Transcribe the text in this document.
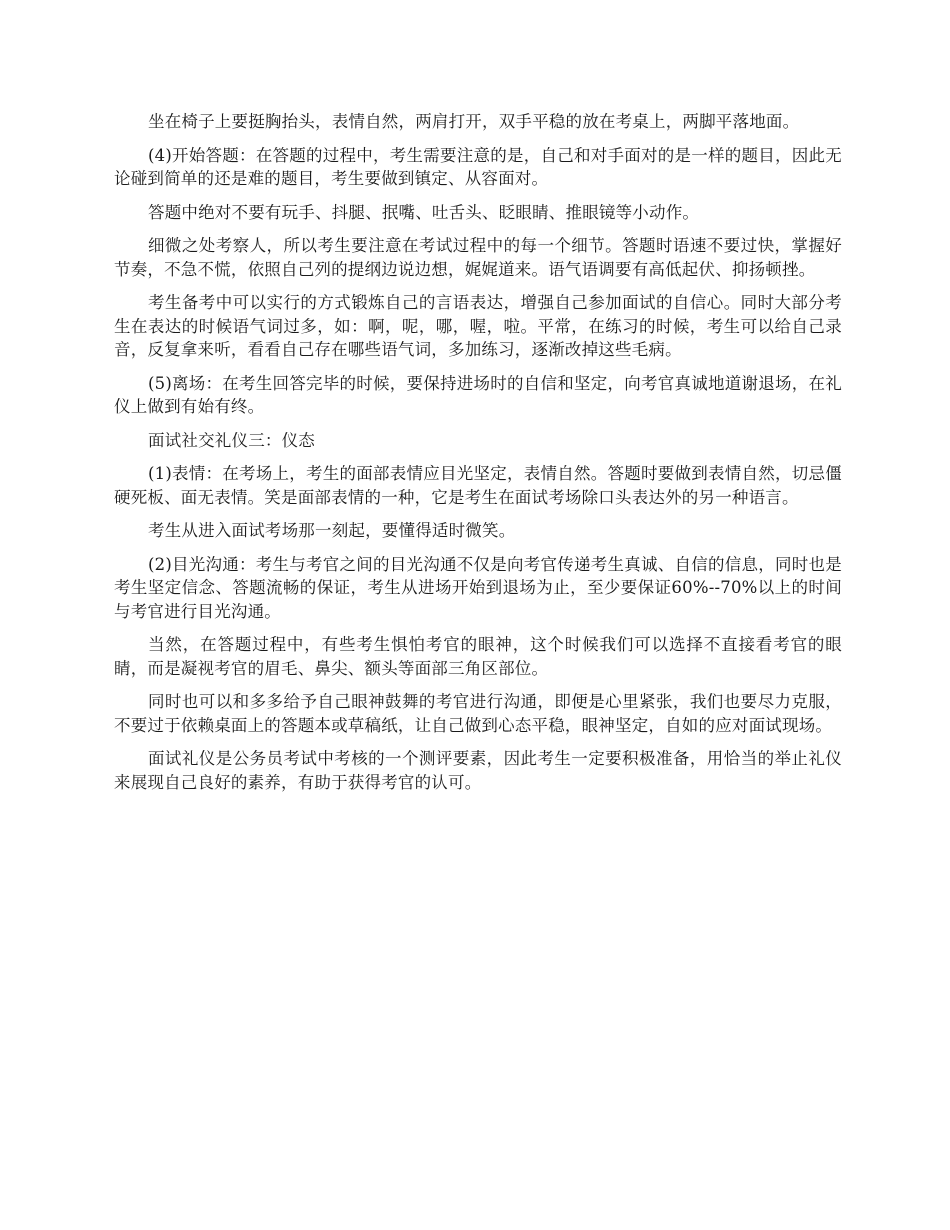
坐在椅子上要挺胸抬头，表情自然，两肩打开，双手平稳的放在考桌上，两脚平落地面。

(4)开始答题：在答题的过程中，考生需要注意的是，自己和对手面对的是一样的题目，因此无论碰到简单的还是难的题目，考生要做到镇定、从容面对。

答题中绝对不要有玩手、抖腿、抿嘴、吐舌头、眨眼睛、推眼镜等小动作。

细微之处考察人，所以考生要注意在考试过程中的每一个细节。答题时语速不要过快，掌握好节奏，不急不慌，依照自己列的提纲边说边想，娓娓道来。语气语调要有高低起伏、抑扬顿挫。

考生备考中可以实行的方式锻炼自己的言语表达，增强自己参加面试的自信心。同时大部分考生在表达的时候语气词过多，如：啊，呢，哪，喔，啦。平常，在练习的时候，考生可以给自己录音，反复拿来听，看看自己存在哪些语气词，多加练习，逐渐改掉这些毛病。

(5)离场：在考生回答完毕的时候，要保持进场时的自信和坚定，向考官真诚地道谢退场，在礼仪上做到有始有终。

面试社交礼仪三：仪态

(1)表情：在考场上，考生的面部表情应目光坚定，表情自然。答题时要做到表情自然，切忌僵硬死板、面无表情。笑是面部表情的一种，它是考生在面试考场除口头表达外的另一种语言。

考生从进入面试考场那一刻起，要懂得适时微笑。

(2)目光沟通：考生与考官之间的目光沟通不仅是向考官传递考生真诚、自信的信息，同时也是考生坚定信念、答题流畅的保证，考生从进场开始到退场为止，至少要保证60%--70%以上的时间与考官进行目光沟通。

当然，在答题过程中，有些考生惧怕考官的眼神，这个时候我们可以选择不直接看考官的眼睛，而是凝视考官的眉毛、鼻尖、额头等面部三角区部位。

同时也可以和多多给予自己眼神鼓舞的考官进行沟通，即便是心里紧张，我们也要尽力克服，不要过于依赖桌面上的答题本或草稿纸，让自己做到心态平稳，眼神坚定，自如的应对面试现场。

面试礼仪是公务员考试中考核的一个测评要素，因此考生一定要积极准备，用恰当的举止礼仪来展现自己良好的素养，有助于获得考官的认可。
